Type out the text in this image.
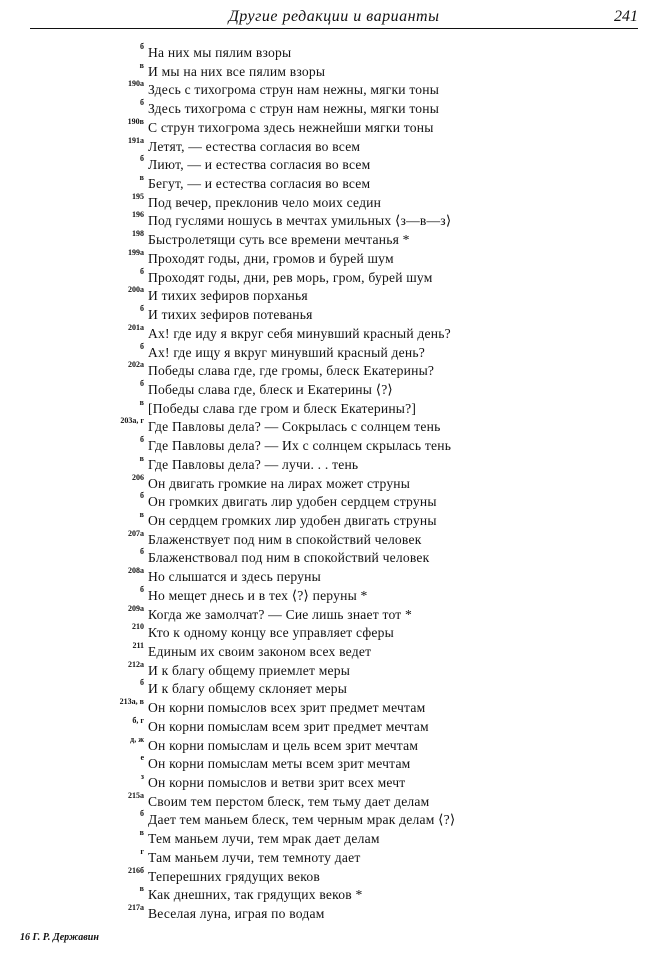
Другие редакции и варианты	241
б На них мы пялим взоры
в И мы на них все пялим взоры
190а Здесь с тихогрома струн нам нежны, мягки тоны
б Здесь тихогрома с струн нам нежны, мягки тоны
190в С струн тихогрома здесь нежнейши мягки тоны
191а Летят, — естества согласия во всем
б Лиют, — и естества согласия во всем
в Бегут, — и естества согласия во всем
195 Под вечер, преклонив чело моих седин
196 Под гуслями ношусь в мечтах умильных ⟨з—в—з⟩
198 Быстролетящи суть все времени мечтанья *
199а Проходят годы, дни, громов и бурей шум
б Проходят годы, дни, рев морь, гром, бурей шум
200а И тихих зефиров порханья
б И тихих зефиров потеванья
201а Ах! где иду я вкруг себя минувший красный день?
б Ах! где ищу я вкруг минувший красный день?
202а Победы слава где, где громы, блеск Екатерины?
б Победы слава где, блеск и Екатерины ⟨?⟩
в [Победы слава где гром и блеск Екатерины?]
203а, г Где Павловы дела? — Сокрылась с солнцем тень
б Где Павловы дела? — Их с солнцем скрылась тень
в Где Павловы дела? — лучи. . . тень
206 Он двигать громкие на лирах может струны
б Он громких двигать лир удобен сердцем струны
в Он сердцем громких лир удобен двигать струны
207а Блаженствует под ним в спокойствий человек
б Блаженствовал под ним в спокойствий человек
208а Но слышатся и здесь перуны
б Но мещет днесь и в тех ⟨?⟩ перуны *
209а Когда же замолчат? — Сие лишь знает тот *
210 Кто к одному концу все управляет сферы
211 Единым их своим законом всех ведет
212а И к благу общему приемлет меры
б И к благу общему склоняет меры
213а, в Он корни помыслов всех зрит предмет мечтам
б, г Он корни помыслам всем зрит предмет мечтам
д, ж Он корни помыслам и цель всем зрит мечтам
е Он корни помыслам меты всем зрит мечтам
з Он корни помыслов и ветви зрит всех мечт
215а Своим тем перстом блеск, тем тьму дает делам
б Дает тем маньем блеск, тем черным мрак делам ⟨?⟩
в Тем маньем лучи, тем мрак дает делам
г Там маньем лучи, тем темноту дает
216б Теперешних грядущих веков
в Как днешних, так грядущих веков *
217а Веселая луна, играя по водам
16 Г. Р. Державин
